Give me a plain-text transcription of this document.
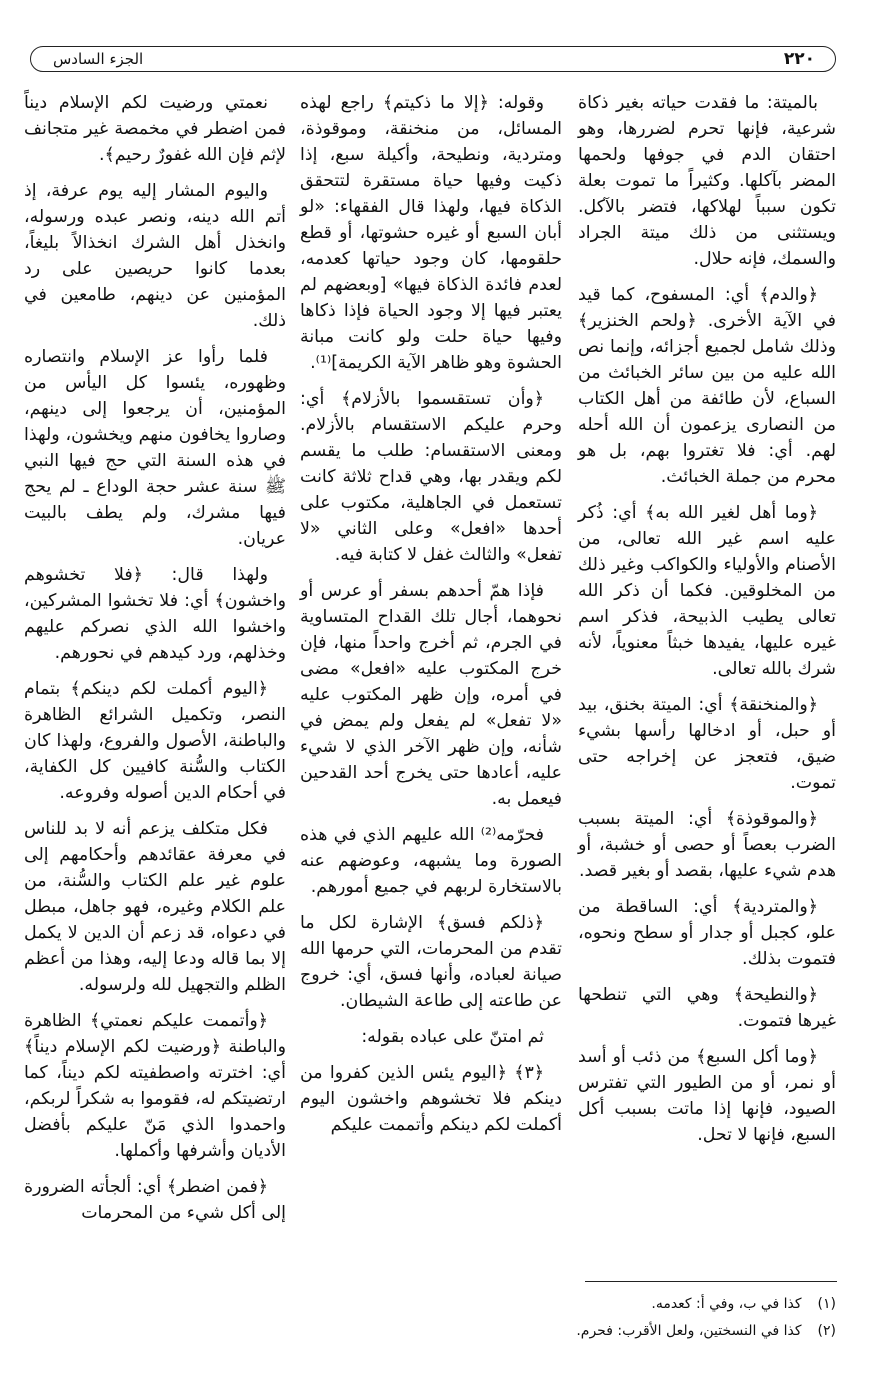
٢٢٠
الجزء السادس

بالميتة: ما فقدت حياته بغير ذكاة شرعية، فإنها تحرم لضررها، وهو احتقان الدم في جوفها ولحمها المضر بآكلها. وكثيراً ما تموت بعلة تكون سبباً لهلاكها، فتضر بالآكل. ويستثنى من ذلك ميتة الجراد والسمك، فإنه حلال.

﴿والدم﴾ أي: المسفوح، كما قيد في الآية الأخرى. ﴿ولحم الخنزير﴾ وذلك شامل لجميع أجزائه، وإنما نص الله عليه من بين سائر الخبائث من السباع، لأن طائفة من أهل الكتاب من النصارى يزعمون أن الله أحله لهم. أي: فلا تغتروا بهم، بل هو محرم من جملة الخبائث.

﴿وما أهل لغير الله به﴾ أي: ذُكر عليه اسم غير الله تعالى، من الأصنام والأولياء والكواكب وغير ذلك من المخلوقين. فكما أن ذكر الله تعالى يطيب الذبيحة، فذكر اسم غيره عليها، يفيدها خبثاً معنوياً، لأنه شرك بالله تعالى.

﴿والمنخنقة﴾ أي: الميتة بخنق، بيد أو حبل، أو ادخالها رأسها بشيء ضيق، فتعجز عن إخراجه حتى تموت.

﴿والموقوذة﴾ أي: الميتة بسبب الضرب بعصاً أو حصى أو خشبة، أو هدم شيء عليها، بقصد أو بغير قصد.

﴿والمتردية﴾ أي: الساقطة من علو، كجبل أو جدار أو سطح ونحوه، فتموت بذلك.

﴿والنطيحة﴾ وهي التي تنطحها غيرها فتموت.

﴿وما أكل السبع﴾ من ذئب أو أسد أو نمر، أو من الطيور التي تفترس الصيود، فإنها إذا ماتت بسبب أكل السبع، فإنها لا تحل.

وقوله: ﴿إلا ما ذكيتم﴾ راجع لهذه المسائل، من منخنقة، وموقوذة، ومتردية، ونطيحة، وأكيلة سبع، إذا ذكيت وفيها حياة مستقرة لتتحقق الذكاة فيها، ولهذا قال الفقهاء: «لو أبان السبع أو غيره حشوتها، أو قطع حلقومها، كان وجود حياتها كعدمه، لعدم فائدة الذكاة فيها» [وبعضهم لم يعتبر فيها إلا وجود الحياة فإذا ذكاها وفيها حياة حلت ولو كانت مبانة الحشوة وهو ظاهر الآية الكريمة]⁽¹⁾.

﴿وأن تستقسموا بالأزلام﴾ أي: وحرم عليكم الاستقسام بالأزلام. ومعنى الاستقسام: طلب ما يقسم لكم ويقدر بها، وهي قداح ثلاثة كانت تستعمل في الجاهلية، مكتوب على أحدها «افعل» وعلى الثاني «لا تفعل» والثالث غفل لا كتابة فيه.

فإذا همّ أحدهم بسفر أو عرس أو نحوهما، أجال تلك القداح المتساوية في الجرم، ثم أخرج واحداً منها، فإن خرج المكتوب عليه «افعل» مضى في أمره، وإن ظهر المكتوب عليه «لا تفعل» لم يفعل ولم يمض في شأنه، وإن ظهر الآخر الذي لا شيء عليه، أعادها حتى يخرج أحد القدحين فيعمل به.

فحرّمه⁽²⁾ الله عليهم الذي في هذه الصورة وما يشبهه، وعوضهم عنه بالاستخارة لربهم في جميع أمورهم.

﴿ذلكم فسق﴾ الإشارة لكل ما تقدم من المحرمات، التي حرمها الله صيانة لعباده، وأنها فسق، أي: خروج عن طاعته إلى طاعة الشيطان.

ثم امتنّ على عباده بقوله:

﴿٣﴾ ﴿اليوم يئس الذين كفروا من دينكم فلا تخشوهم واخشون اليوم أكملت لكم دينكم وأتممت عليكم

نعمتي ورضيت لكم الإسلام ديناً فمن اضطر في مخمصة غير متجانف لإثم فإن الله غفورٌ رحيم﴾.

واليوم المشار إليه يوم عرفة، إذ أتم الله دينه، ونصر عبده ورسوله، وانخذل أهل الشرك انخذالاً بليغاً، بعدما كانوا حريصين على رد المؤمنين عن دينهم، طامعين في ذلك.

فلما رأوا عز الإسلام وانتصاره وظهوره، يئسوا كل اليأس من المؤمنين، أن يرجعوا إلى دينهم، وصاروا يخافون منهم ويخشون، ولهذا في هذه السنة التي حج فيها النبي ﷺ سنة عشر حجة الوداع ـ لم يحج فيها مشرك، ولم يطف بالبيت عريان.

ولهذا قال: ﴿فلا تخشوهم واخشون﴾ أي: فلا تخشوا المشركين، واخشوا الله الذي نصركم عليهم وخذلهم، ورد كيدهم في نحورهم.

﴿اليوم أكملت لكم دينكم﴾ بتمام النصر، وتكميل الشرائع الظاهرة والباطنة، الأصول والفروع، ولهذا كان الكتاب والسُّنة كافيين كل الكفاية، في أحكام الدين أصوله وفروعه.

فكل متكلف يزعم أنه لا بد للناس في معرفة عقائدهم وأحكامهم إلى علوم غير علم الكتاب والسُّنة، من علم الكلام وغيره، فهو جاهل، مبطل في دعواه، قد زعم أن الدين لا يكمل إلا بما قاله ودعا إليه، وهذا من أعظم الظلم والتجهيل لله ولرسوله.

﴿وأتممت عليكم نعمتي﴾ الظاهرة والباطنة ﴿ورضيت لكم الإسلام ديناً﴾ أي: اخترته واصطفيته لكم ديناً، كما ارتضيتكم له، فقوموا به شكراً لربكم، واحمدوا الذي مَنّ عليكم بأفضل الأديان وأشرفها وأكملها.

﴿فمن اضطر﴾ أي: ألجأته الضرورة إلى أكل شيء من المحرمات

(١) كذا في ب، وفي أ: كعدمه.
(٢) كذا في النسختين، ولعل الأقرب: فحرم.
